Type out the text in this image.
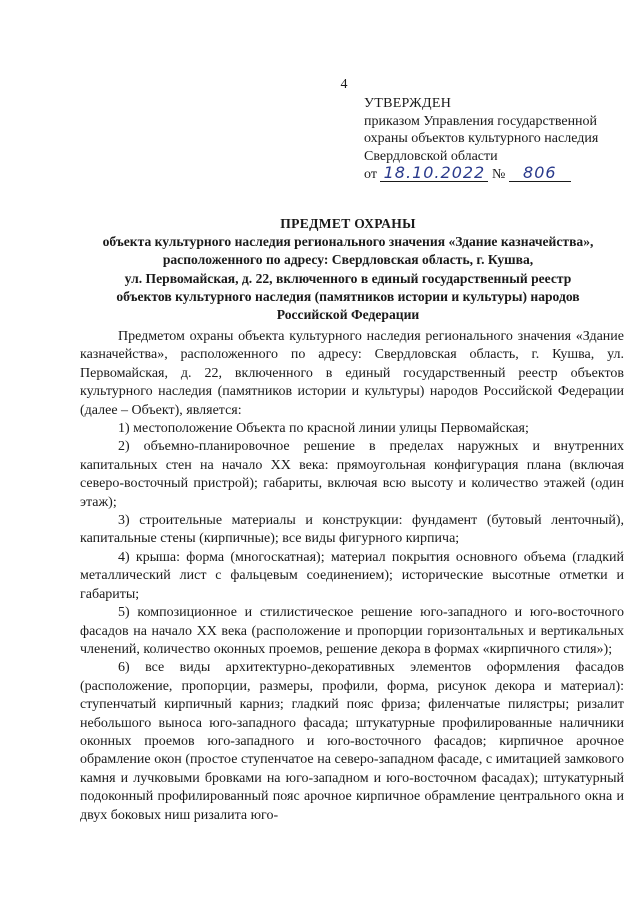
4
УТВЕРЖДЕН
приказом Управления государственной
охраны объектов культурного наследия
Свердловской области
от 18.10.2022 № 806
ПРЕДМЕТ ОХРАНЫ
объекта культурного наследия регионального значения «Здание казначейства»,
расположенного по адресу: Свердловская область, г. Кушва,
ул. Первомайская, д. 22, включенного в единый государственный реестр
объектов культурного наследия (памятников истории и культуры) народов
Российской Федерации

Предметом охраны объекта культурного наследия регионального значения «Здание казначейства», расположенного по адресу: Свердловская область, г. Кушва, ул. Первомайская, д. 22, включенного в единый государственный реестр объектов культурного наследия (памятников истории и культуры) народов Российской Федерации (далее – Объект), является:

1) местоположение Объекта по красной линии улицы Первомайская;

2) объемно-планировочное решение в пределах наружных и внутренних капитальных стен на начало XX века: прямоугольная конфигурация плана (включая северо-восточный пристрой); габариты, включая всю высоту и количество этажей (один этаж);

3) строительные материалы и конструкции: фундамент (бутовый ленточный), капитальные стены (кирпичные); все виды фигурного кирпича;

4) крыша: форма (многоскатная); материал покрытия основного объема (гладкий металлический лист с фальцевым соединением); исторические высотные отметки и габариты;

5) композиционное и стилистическое решение юго-западного и юго-восточного фасадов на начало XX века (расположение и пропорции горизонтальных и вертикальных членений, количество оконных проемов, решение декора в формах «кирпичного стиля»);

6) все виды архитектурно-декоративных элементов оформления фасадов (расположение, пропорции, размеры, профили, форма, рисунок декора и материал): ступенчатый кирпичный карниз; гладкий пояс фриза; филенчатые пилястры; ризалит небольшого выноса юго-западного фасада; штукатурные профилированные наличники оконных проемов юго-западного и юго-восточного фасадов; кирпичное арочное обрамление окон (простое ступенчатое на северо-западном фасаде, с имитацией замкового камня и лучковыми бровками на юго-западном и юго-восточном фасадах); штукатурный подоконный профилированный пояс арочное кирпичное обрамление центрального окна и двух боковых ниш ризалита юго-
